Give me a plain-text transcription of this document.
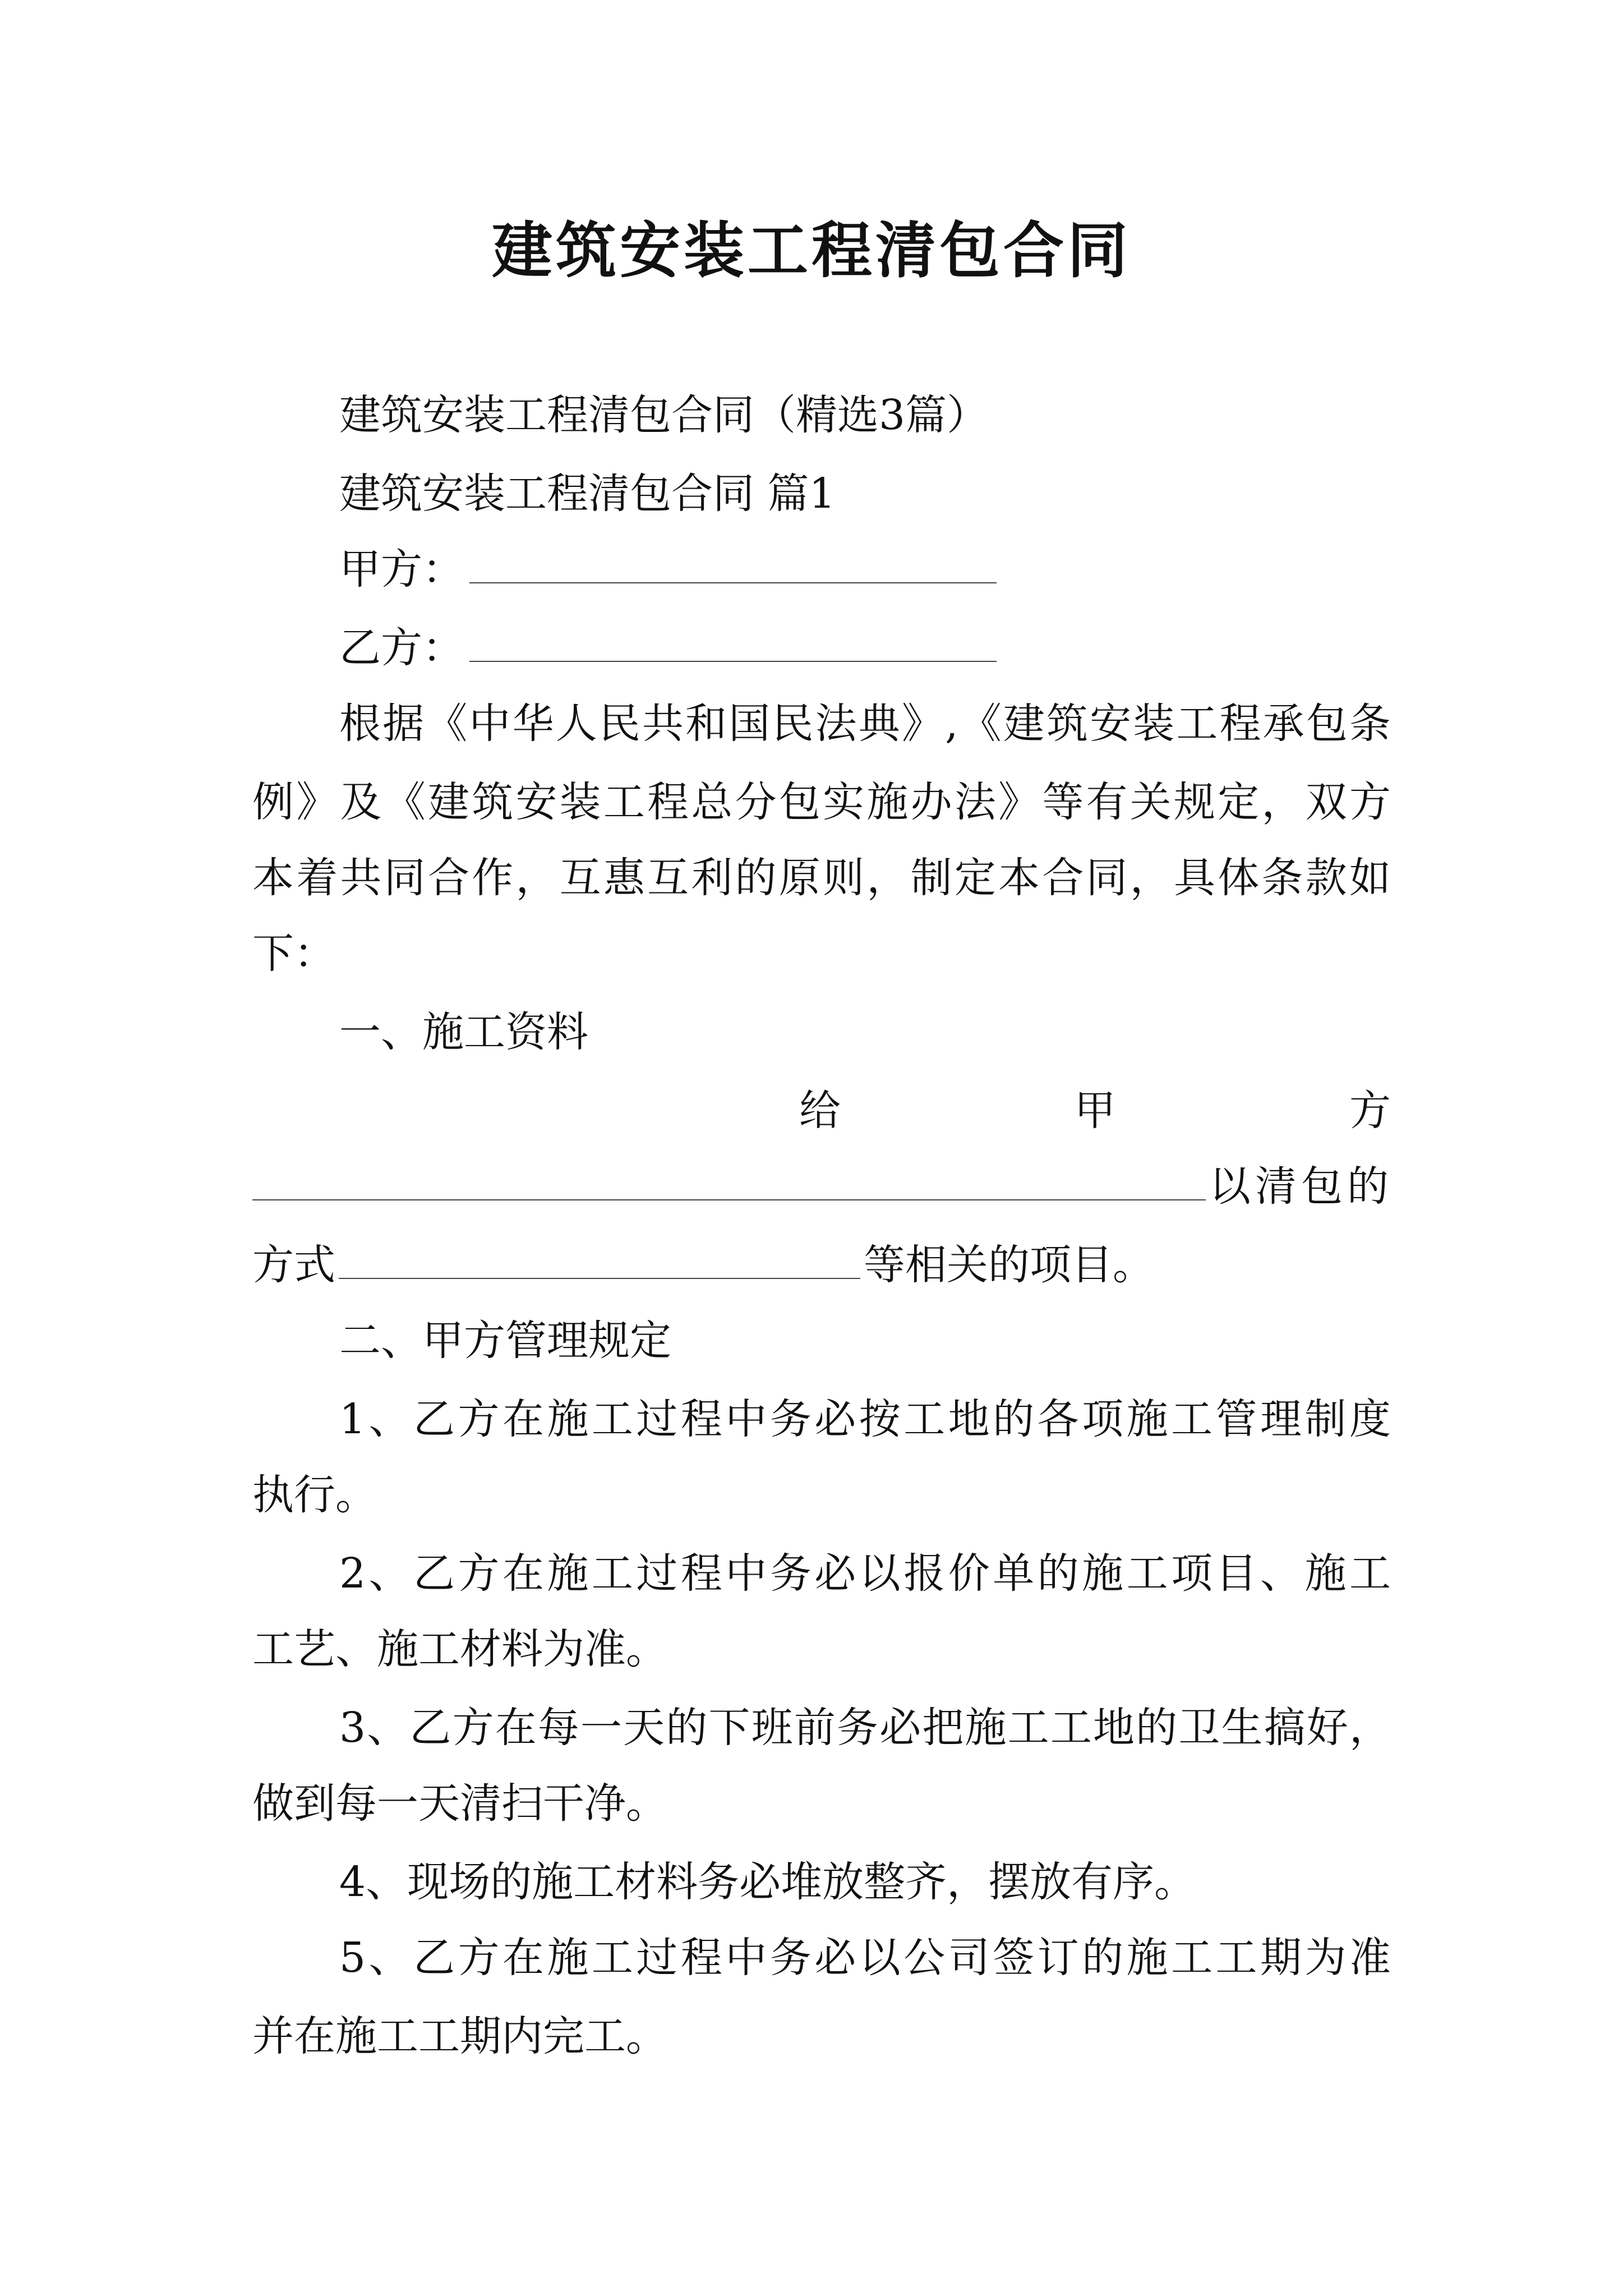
建筑安装工程清包合同
建筑安装工程清包合同（精选3篇）
建筑安装工程清包合同 篇1
甲方：
乙方：
根据《中华人民共和国民法典》,《建筑安装工程承包条
例》及《建筑安装工程总分包实施办法》等有关规定，双方
本着共同合作，互惠互利的原则，制定本合同，具体条款如
下：
一、施工资料
给	甲	方
以清包的
方式	等相关的项目。
二、甲方管理规定
1、乙方在施工过程中务必按工地的各项施工管理制度
执行。
2、乙方在施工过程中务必以报价单的施工项目、施工
工艺、施工材料为准。
3、乙方在每一天的下班前务必把施工工地的卫生搞好，
做到每一天清扫干净。
4、现场的施工材料务必堆放整齐，摆放有序。
5、乙方在施工过程中务必以公司签订的施工工期为准
并在施工工期内完工。
